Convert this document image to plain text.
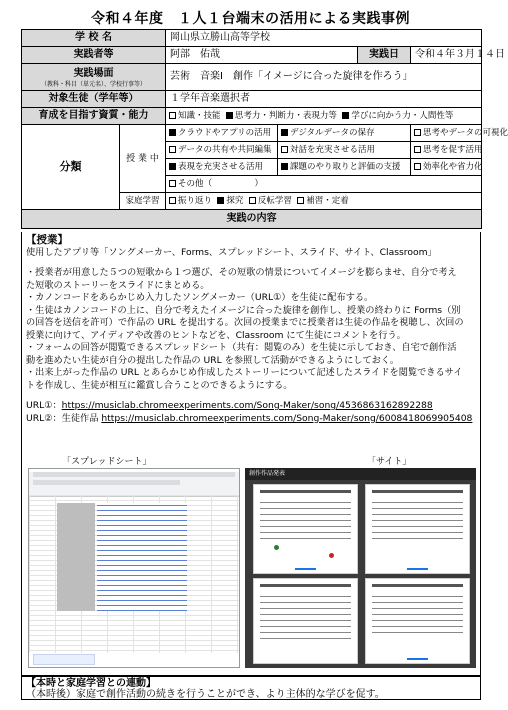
令和４年度　１人１台端末の活用による実践事例
学 校 名		岡山県立勝山高等学校			
実践者等		阿部　佑哉		実践日	令和４年３月１４日
実践場面
（教科・科目（単元名）、学校行事等）		芸術　音楽Ⅰ　創作「イメージに合った旋律を作ろう」			
対象生徒（学年等）		１学年音楽選択者			
育成を目指す資質・能力		知識・技能 思考力・判断力・表現力等 学びに向かう力・人間性等			
分類	授 業 中	クラウドやアプリの活用	デジタルデータの保存		思考やデータの可視化
		データの共有や共同編集	対話を充実させる活用		思考を促す活用
		表現を充実させる活用	課題のやり取りと評価の支援		効率化や省力化
		その他（　　　　　）			
	家庭学習	振り返り 探究 反転学習 補習・定着			
実践の内容					

【授業】

使用したアプリ等「ソングメーカー、Forms、スプレッドシート、スライド、サイト、Classroom」

・授業者が用意した５つの短歌から１つ選び、その短歌の情景についてイメージを膨らませ、自分で考え

た短歌のストーリーをスライドにまとめる。

・カノンコードをあらかじめ入力したソングメーカー（URL①）を生徒に配布する。

・生徒はカノンコードの上に、自分で考えたイメージに合った旋律を創作し、授業の終わりに Forms（別

の回答を送信を許可）で作品の URL を提出する。次回の授業までに授業者は生徒の作品を視聴し、次回の

授業に向けて、アイディアや改善のヒントなどを、Classroom にて生徒にコメントを行う。

・フォームの回答が閲覧できるスプレッドシート（共有：閲覧のみ）を生徒に示しておき、自宅で創作活

動を進めたい生徒が自分の提出した作品の URL を参照して活動ができるようにしておく。

・出来上がった作品の URL とあらかじめ作成したストーリーについて記述したスライドを閲覧できるサイ

トを作成し、生徒が相互に鑑賞し合うことのできるようにする。

URL①：https://musiclab.chromeexperiments.com/Song-Maker/song/4536863162892288

URL②：生徒作品 https://musiclab.chromeexperiments.com/Song-Maker/song/6008418069905408

「スプレッドシート」	「サイト」
創作作品発表

【本時と家庭学習との連動】

（本時後）家庭で創作活動の続きを行うことができ、より主体的な学びを促す。
